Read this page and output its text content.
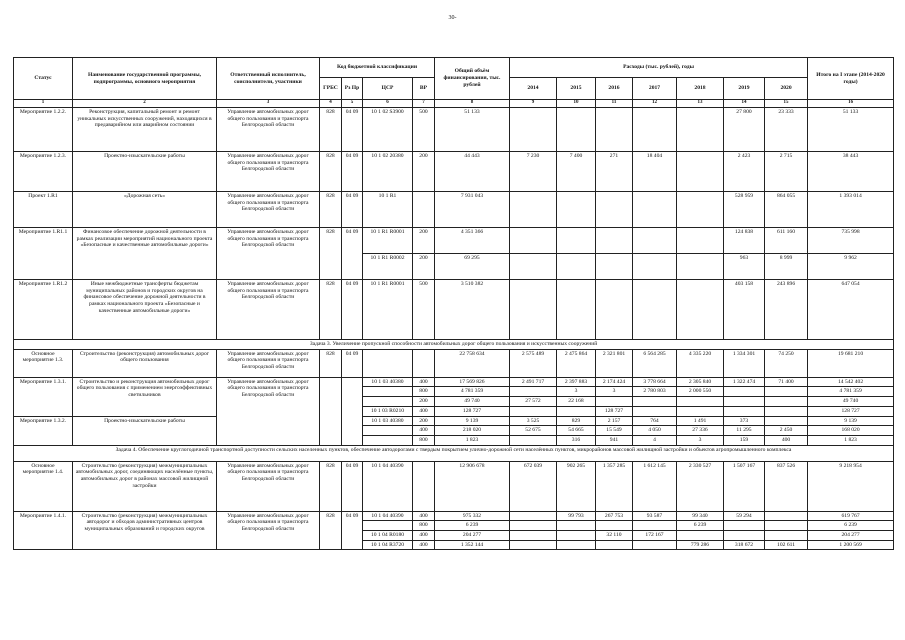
30-
Статус	Наименование государственной программы, подпрограммы, основного мероприятия	Ответственный исполнитель, соисполнители, участники	Код бюджетной классификации				Общий объём финансирования, тыс. рублей	Расходы (тыс. рублей), годы							Итого на I этапе (2014-2020 годы)
			ГРБС	Рз Пр	ЦСР	ВР		2014	2015	2016	2017	2018	2019	2020	
1	2	3	4	5	6	7	8	9	10	11	12	13	14	15	16
Мероприятие 1.2.2.	Реконструкция, капитальный ремонт и ремонт уникальных искусственных сооружений, находящихся в предаварийном или аварийном состоянии	Управление автомобильных дорог общего пользования и транспорта Белгородской области	828	04 09	10 1 02 S3900	500	51 133						27 800	23 333	51 133
Мероприятие 1.2.3.	Проектно-изыскательские работы	Управление автомобильных дорог общего пользования и транспорта Белгородской области	828	04 09	10 1 02 20380	200	44 443	7 230	7 400	271	18 404		2 423	2 715	38 443
Проект 1.R1	«Дорожная сеть»	Управление автомобильных дорог общего пользования и транспорта Белгородской области	828	04 09	10 1 R1		7 931 043						528 959	864 055	1 393 014
Мероприятие 1.R1.1	Финансовое обеспечение дорожной деятельности в рамках реализации мероприятий национального проекта «Безопасные и качественные автомобильные дороги»	Управление автомобильных дорог общего пользования и транспорта Белгородской области	828	04 09	10 1 R1 R0001	200	4 351 366						124 838	611 160	735 998
					10 1 R1 R0002	200	69 295						963	8 999	9 962
Мероприятие 1.R1.2	Иные межбюджетные трансферты бюджетам муниципальных районов и городских округов на финансовое обеспечение дорожной деятельности в рамках национального проекта «Безопасные и качественные автомобильные дороги»	Управление автомобильных дорог общего пользования и транспорта Белгородской области	828	04 09	10 1 R1 R0001	500	3 510 382						403 158	243 896	647 054
Задача 3. Увеличение пропускной способности автомобильных дорог общего пользования и искусственных сооружений															
Основное мероприятие 1.3.	Строительство (реконструкция) автомобильных дорог общего пользования	Управление автомобильных дорог общего пользования и транспорта Белгородской области	828	04 09			22 758 634	2 575 489	2 475 864	2 321 801	6 564 285	4 335 220	1 334 301	74 250	19 681 210
Мероприятие 1.3.1.	Строительство и реконструкция автомобильных дорог общего пользования с применением энергоэффективных светильников	Управление автомобильных дорог общего пользования и транспорта Белгородской области			10 1 03 40380	400	17 569 826	2 491 717	2 397 883	2 174 424	3 778 664	2 305 840	1 322 474	71 400	14 542 402
						800	4 781 359		3	3	2 780 803	2 000 550			4 781 359
						200	49 740	27 572	22 168						49 740
					10 1 03 R0210	400	128 727			128 727					128 727
Мероприятие 1.3.2.	Проектно-изыскательские работы				10 1 03 40380	200	9 139	3 525	829	2 157	764	1 491	373		9 139
						400	218 020	52 675	54 665	15 549	4 050	27 336	11 295	2 450	168 020
						800	1 823		316	941	4	3	159	400	1 823
Задача 4. Обеспечение круглогодичной транспортной доступности сельских населенных пунктов, обеспечение автодорогами с твердым покрытием улично-дорожной сети населённых пунктов, микрорайонов массовой жилищной застройки и объектов агропромышленного комплекса															
Основное мероприятие 1.4.	Строительство (реконструкция) межмуниципальных автомобильных дорог, соединяющих населённые пункты, автомобильных дорог в районах массовой жилищной застройки	Управление автомобильных дорог общего пользования и транспорта Белгородской области	828	04 09	10 1 04 40390		12 906 678	672 039	902 265	1 357 285	1 612 145	2 330 527	1 507 167	837 526	9 218 954
Мероприятие 1.4.1.	Строительство (реконструкция) межмуниципальных автодорог и обходов административных центров муниципальных образований и городских округов	Управление автомобильных дорог общего пользования и транспорта Белгородской области	828	04 09	10 1 04 40390	400	975 332		99 793	267 753	93 587	99 340	59 294		619 767
						800	6 239					6 239			6 239
					10 1 04 R0180	400	204 277			32 110	172 167				204 277
					10 1 04 R3720	400	1 352 144					779 286	318 672	102 611	1 200 569
